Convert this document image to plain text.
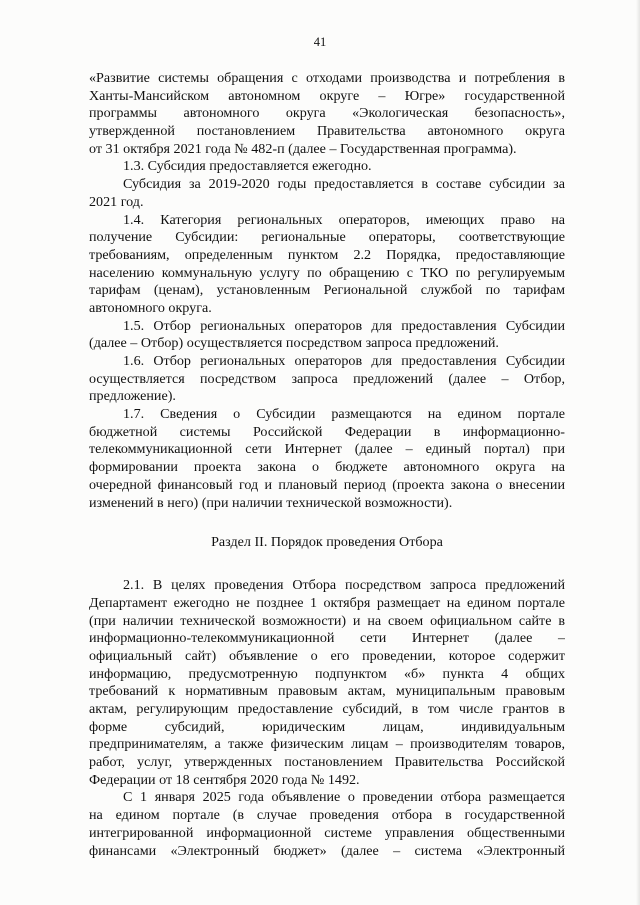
41
«Развитие системы обращения с отходами производства и потребления в
Ханты-Мансийском автономном округе – Югре» государственной
программы автономного округа «Экологическая безопасность»,
утвержденной постановлением Правительства автономного округа
от 31 октября 2021 года № 482-п (далее – Государственная программа).
1.3. Субсидия предоставляется ежегодно.
Субсидия за 2019-2020 годы предоставляется в составе субсидии за
2021 год.
1.4. Категория региональных операторов, имеющих право на
получение Субсидии: региональные операторы, соответствующие
требованиям, определенным пунктом 2.2 Порядка, предоставляющие
населению коммунальную услугу по обращению с ТКО по регулируемым
тарифам (ценам), установленным Региональной службой по тарифам
автономного округа.
1.5. Отбор региональных операторов для предоставления Субсидии
(далее – Отбор) осуществляется посредством запроса предложений.
1.6. Отбор региональных операторов для предоставления Субсидии
осуществляется посредством запроса предложений (далее – Отбор,
предложение).
1.7. Сведения о Субсидии размещаются на едином портале
бюджетной системы Российской Федерации в информационно-
телекоммуникационной сети Интернет (далее – единый портал) при
формировании проекта закона о бюджете автономного округа на
очередной финансовый год и плановый период (проекта закона о внесении
изменений в него) (при наличии технической возможности).
Раздел II. Порядок проведения Отбора
2.1. В целях проведения Отбора посредством запроса предложений
Департамент ежегодно не позднее 1 октября размещает на едином портале
(при наличии технической возможности) и на своем официальном сайте в
информационно-телекоммуникационной сети Интернет (далее –
официальный сайт) объявление о его проведении, которое содержит
информацию, предусмотренную подпунктом «б» пункта 4 общих
требований к нормативным правовым актам, муниципальным правовым
актам, регулирующим предоставление субсидий, в том числе грантов в
форме субсидий, юридическим лицам, индивидуальным
предпринимателям, а также физическим лицам – производителям товаров,
работ, услуг, утвержденных постановлением Правительства Российской
Федерации от 18 сентября 2020 года № 1492.
С 1 января 2025 года объявление о проведении отбора размещается
на едином портале (в случае проведения отбора в государственной
интегрированной информационной системе управления общественными
финансами «Электронный бюджет» (далее – система «Электронный
